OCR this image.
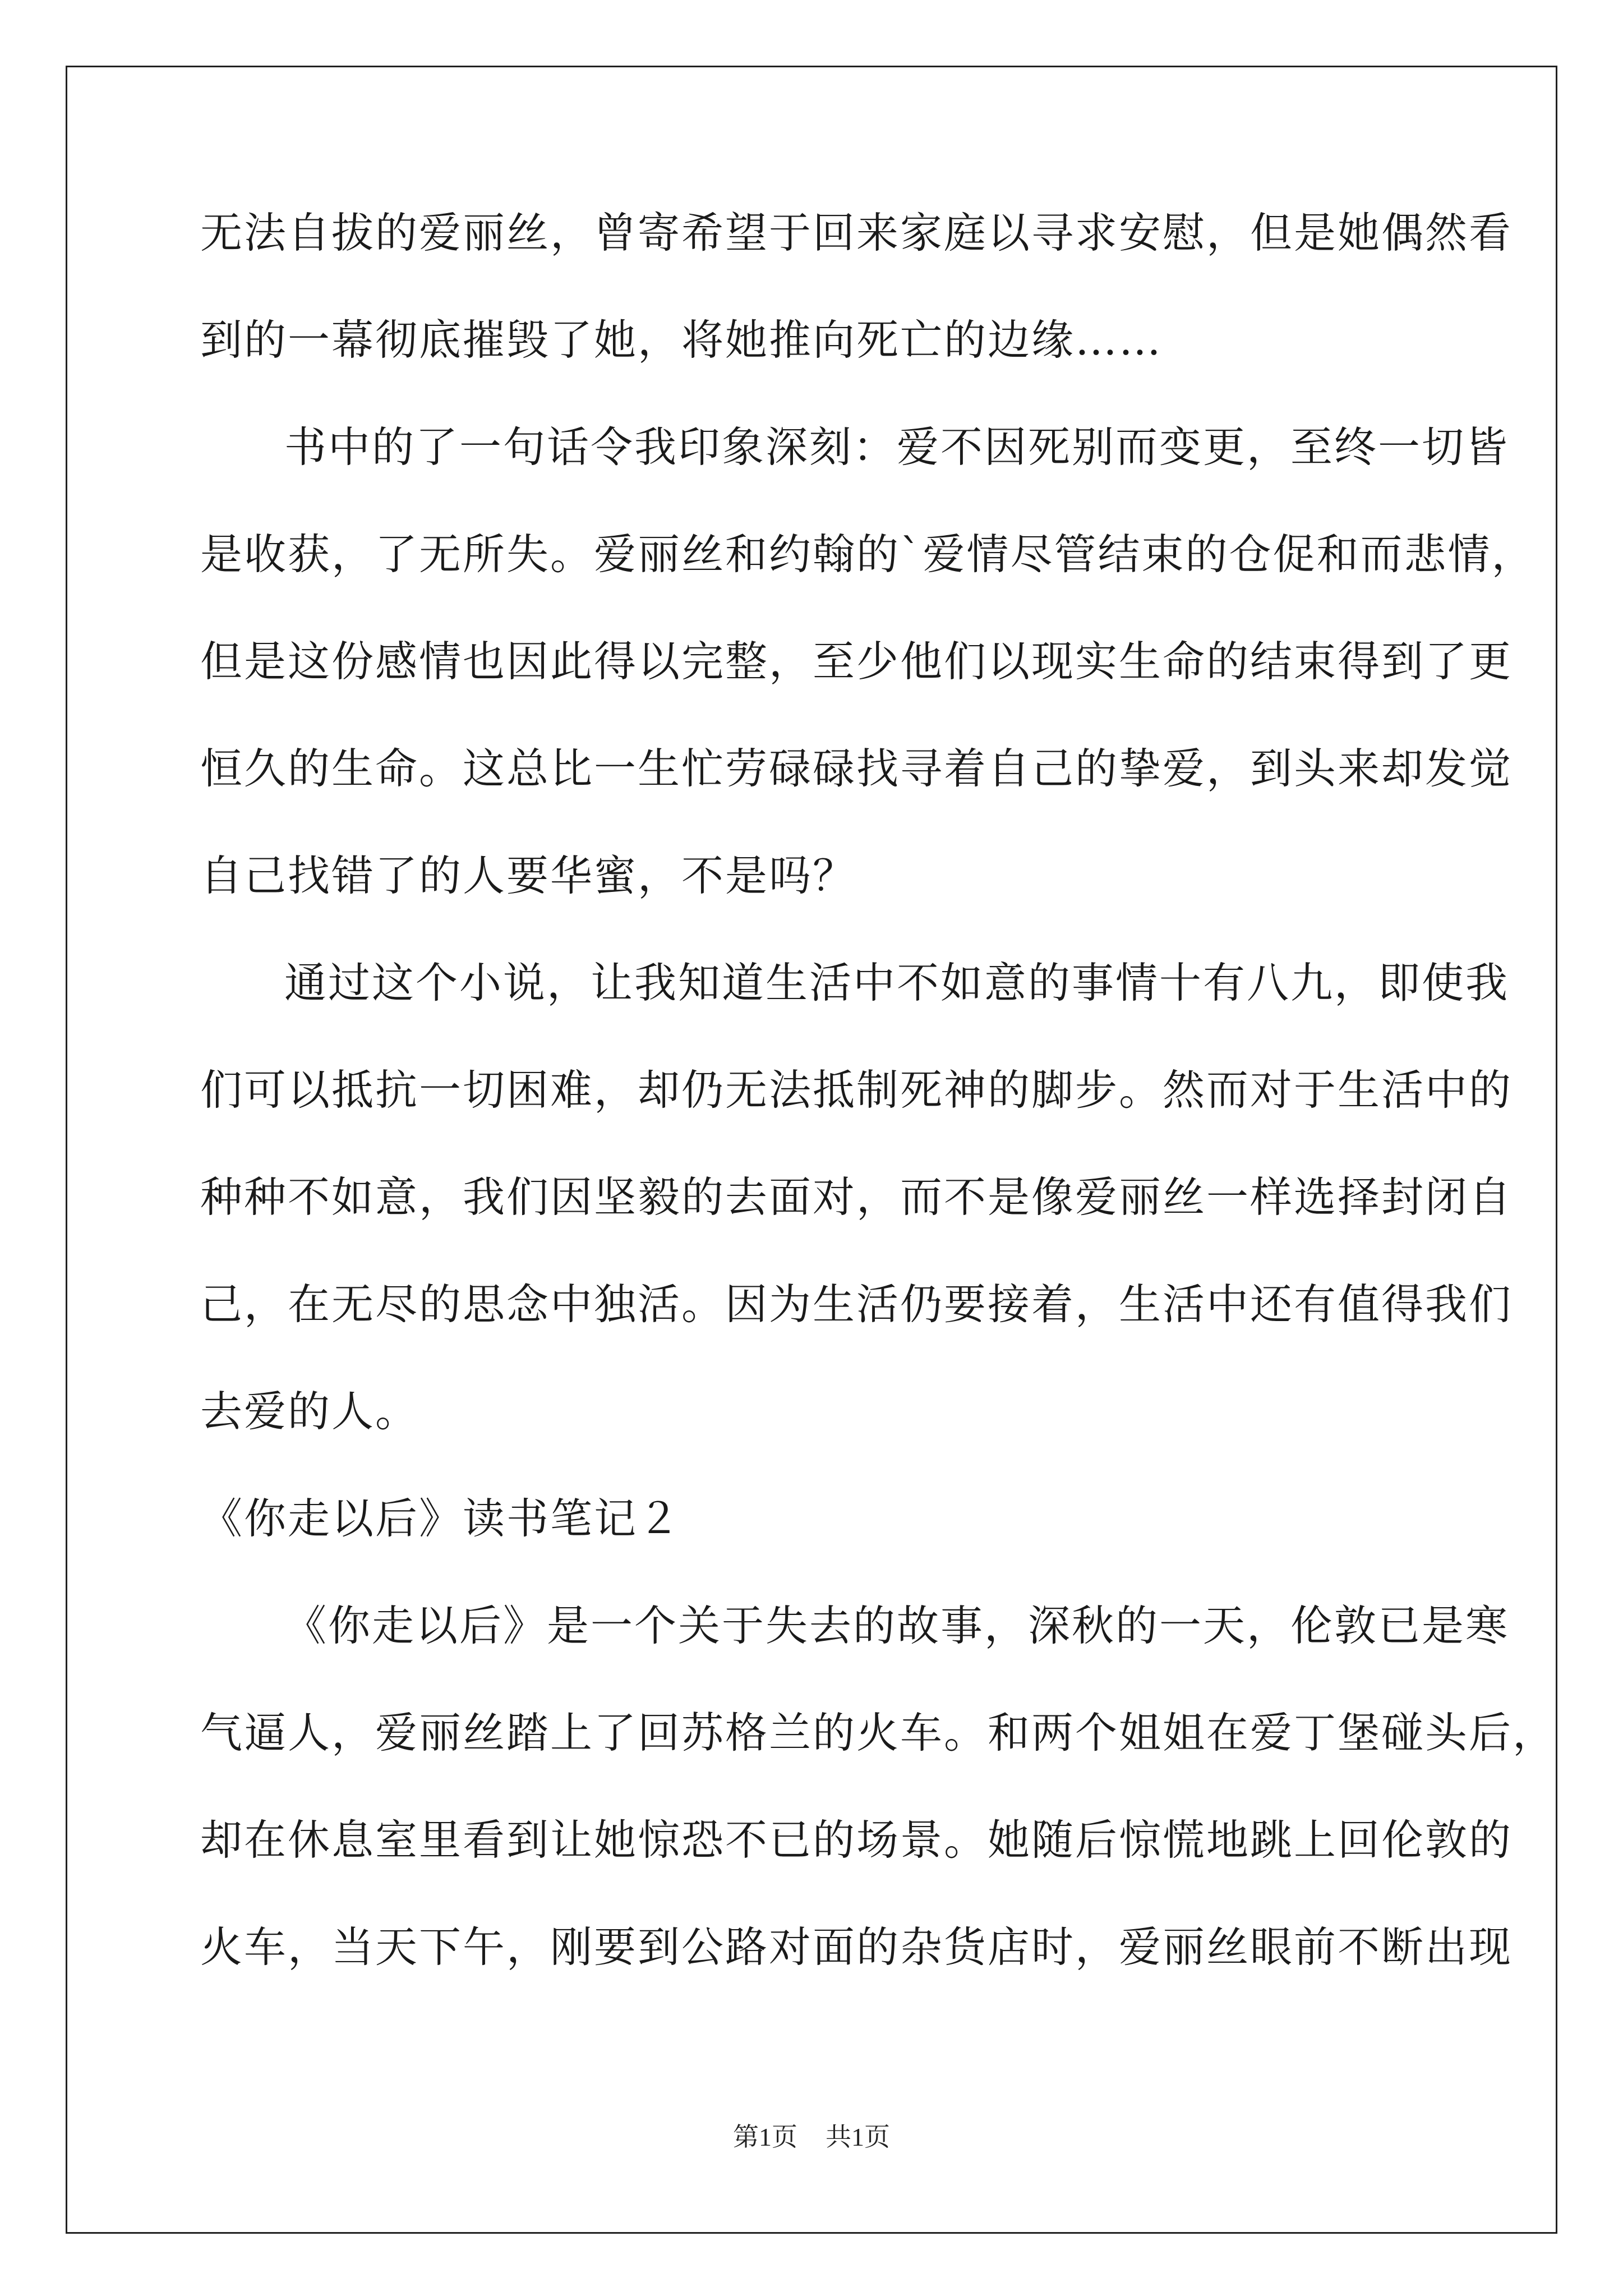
无法自拔的爱丽丝，曾寄希望于回来家庭以寻求安慰，但是她偶然看
到的一幕彻底摧毁了她，将她推向死亡的边缘……
书中的了一句话令我印象深刻：爱不因死别而变更，至终一切皆
是收获，了无所失。爱丽丝和约翰的`爱情尽管结束的仓促和而悲情，
但是这份感情也因此得以完整，至少他们以现实生命的结束得到了更
恒久的生命。这总比一生忙劳碌碌找寻着自己的挚爱，到头来却发觉
自己找错了的人要华蜜，不是吗？
通过这个小说，让我知道生活中不如意的事情十有八九，即使我
们可以抵抗一切困难，却仍无法抵制死神的脚步。然而对于生活中的
种种不如意，我们因坚毅的去面对，而不是像爱丽丝一样选择封闭自
己，在无尽的思念中独活。因为生活仍要接着，生活中还有值得我们
去爱的人。
《你走以后》读书笔记２
《你走以后》是一个关于失去的故事，深秋的一天，伦敦已是寒
气逼人，爱丽丝踏上了回苏格兰的火车。和两个姐姐在爱丁堡碰头后，
却在休息室里看到让她惊恐不已的场景。她随后惊慌地跳上回伦敦的
火车，当天下午，刚要到公路对面的杂货店时，爱丽丝眼前不断出现
第1页 共1页
